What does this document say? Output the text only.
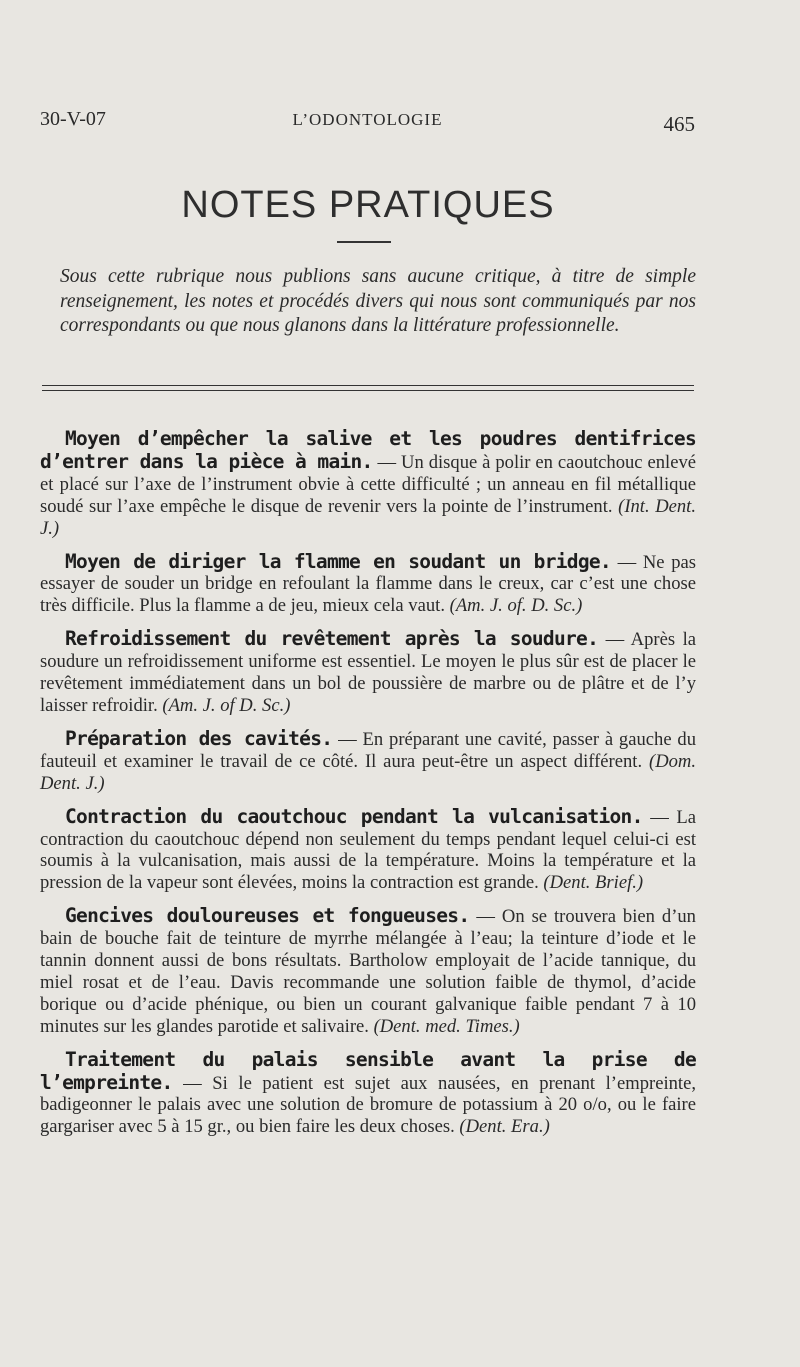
30-V-07	L’ODONTOLOGIE	465
NOTES PRATIQUES
Sous cette rubrique nous publions sans aucune critique, à titre de simple renseignement, les notes et procédés divers qui nous sont communiqués par nos correspondants ou que nous glanons dans la littérature professionnelle.

Moyen d’empêcher la salive et les poudres dentifrices d’entrer dans la pièce à main. — Un disque à polir en caoutchouc enlevé et placé sur l’axe de l’instrument obvie à cette difficulté ; un anneau en fil métallique soudé sur l’axe empêche le disque de revenir vers la pointe de l’instrument. (Int. Dent. J.)

Moyen de diriger la flamme en soudant un bridge. — Ne pas essayer de souder un bridge en refoulant la flamme dans le creux, car c’est une chose très difficile. Plus la flamme a de jeu, mieux cela vaut. (Am. J. of. D. Sc.)

Refroidissement du revêtement après la soudure. — Après la soudure un refroidissement uniforme est essentiel. Le moyen le plus sûr est de placer le revêtement immédiatement dans un bol de poussière de marbre ou de plâtre et de l’y laisser refroidir. (Am. J. of D. Sc.)

Préparation des cavités. — En préparant une cavité, passer à gauche du fauteuil et examiner le travail de ce côté. Il aura peut-être un aspect différent. (Dom. Dent. J.)

Contraction du caoutchouc pendant la vulcanisation. — La contraction du caoutchouc dépend non seulement du temps pendant lequel celui-ci est soumis à la vulcanisation, mais aussi de la température. Moins la température et la pression de la vapeur sont élevées, moins la contraction est grande. (Dent. Brief.)

Gencives douloureuses et fongueuses. — On se trouvera bien d’un bain de bouche fait de teinture de myrrhe mélangée à l’eau; la teinture d’iode et le tannin donnent aussi de bons résultats. Bartholow employait de l’acide tannique, du miel rosat et de l’eau. Davis recommande une solution faible de thymol, d’acide borique ou d’acide phénique, ou bien un courant galvanique faible pendant 7 à 10 minutes sur les glandes parotide et salivaire. (Dent. med. Times.)

Traitement du palais sensible avant la prise de l’empreinte. — Si le patient est sujet aux nausées, en prenant l’empreinte, badigeonner le palais avec une solution de bromure de potassium à 20 o/o, ou le faire gargariser avec 5 à 15 gr., ou bien faire les deux choses. (Dent. Era.)
